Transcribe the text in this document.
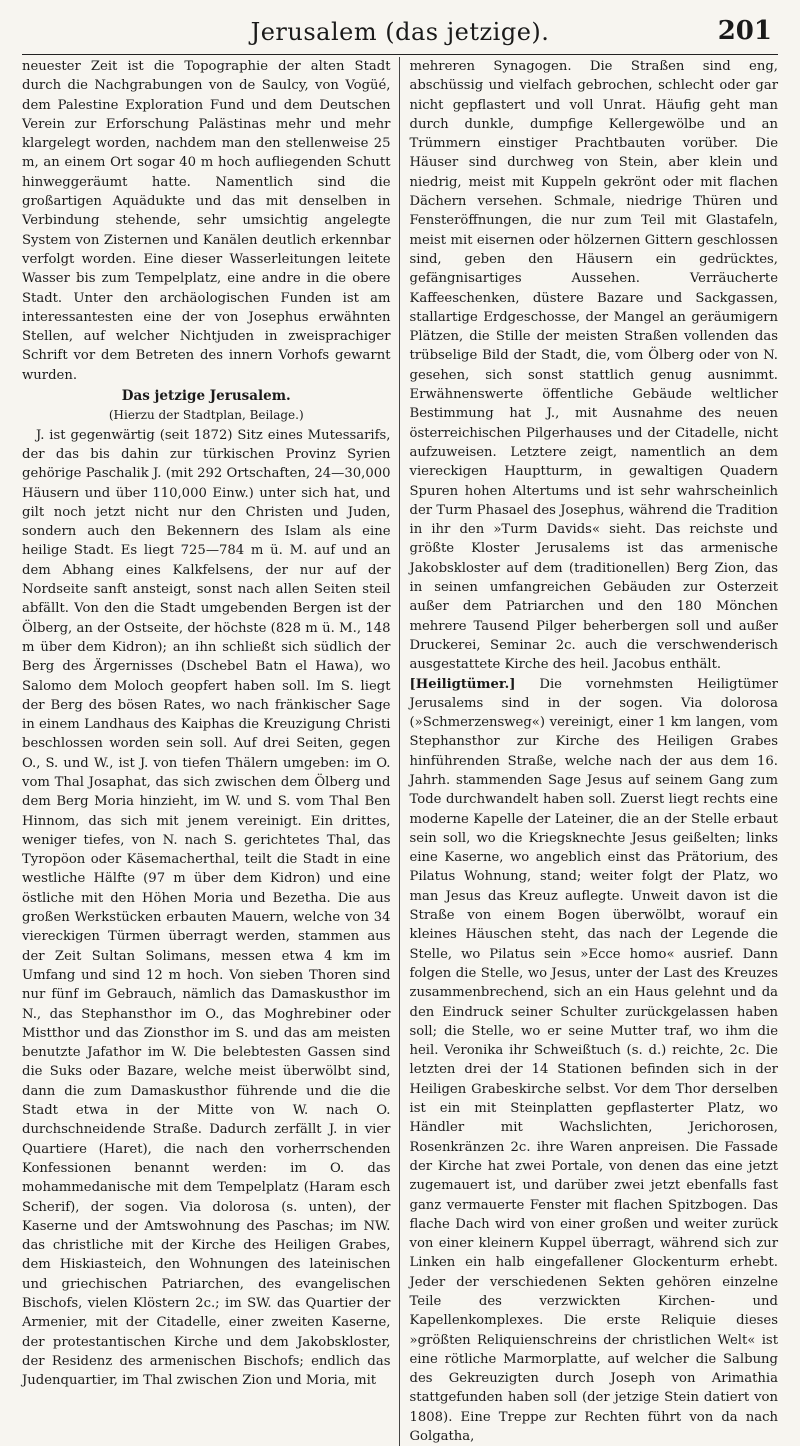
Jerusalem (das jetzige).	201

neuester Zeit ist die Topographie der alten Stadt durch die Nachgrabungen von de Saulcy, von Vogüé, dem Palestine Exploration Fund und dem Deutschen Verein zur Erforschung Palästinas mehr und mehr klargelegt worden, nachdem man den stellenweise 25 m, an einem Ort sogar 40 m hoch aufliegenden Schutt hinweggeräumt hatte. Namentlich sind die großartigen Aquädukte und das mit denselben in Verbindung stehende, sehr umsichtig angelegte System von Zisternen und Kanälen deutlich erkennbar verfolgt worden. Eine dieser Wasserleitungen leitete Wasser bis zum Tempelplatz, eine andre in die obere Stadt. Unter den archäologischen Funden ist am interessantesten eine der von Josephus erwähnten Stellen, auf welcher Nichtjuden in zweisprachiger Schrift vor dem Betreten des innern Vorhofs gewarnt wurden.

Das jetzige Jerusalem.
(Hierzu der Stadtplan, Beilage.)

J. ist gegenwärtig (seit 1872) Sitz eines Mutessarifs, der das bis dahin zur türkischen Provinz Syrien gehörige Paschalik J. (mit 292 Ortschaften, 24—30,000 Häusern und über 110,000 Einw.) unter sich hat, und gilt noch jetzt nicht nur den Christen und Juden, sondern auch den Bekennern des Islam als eine heilige Stadt. Es liegt 725—784 m ü. M. auf und an dem Abhang eines Kalkfelsens, der nur auf der Nordseite sanft ansteigt, sonst nach allen Seiten steil abfällt. Von den die Stadt umgebenden Bergen ist der Ölberg, an der Ostseite, der höchste (828 m ü. M., 148 m über dem Kidron); an ihn schließt sich südlich der Berg des Ärgernisses (Dschebel Batn el Hawa), wo Salomo dem Moloch geopfert haben soll. Im S. liegt der Berg des bösen Rates, wo nach fränkischer Sage in einem Landhaus des Kaiphas die Kreuzigung Christi beschlossen worden sein soll. Auf drei Seiten, gegen O., S. und W., ist J. von tiefen Thälern umgeben: im O. vom Thal Josaphat, das sich zwischen dem Ölberg und dem Berg Moria hinzieht, im W. und S. vom Thal Ben Hinnom, das sich mit jenem vereinigt. Ein drittes, weniger tiefes, von N. nach S. gerichtetes Thal, das Tyropöon oder Käsemacherthal, teilt die Stadt in eine westliche Hälfte (97 m über dem Kidron) und eine östliche mit den Höhen Moria und Bezetha. Die aus großen Werkstücken erbauten Mauern, welche von 34 viereckigen Türmen überragt werden, stammen aus der Zeit Sultan Solimans, messen etwa 4 km im Umfang und sind 12 m hoch. Von sieben Thoren sind nur fünf im Gebrauch, nämlich das Damaskusthor im N., das Stephansthor im O., das Moghrebiner oder Mistthor und das Zionsthor im S. und das am meisten benutzte Jafathor im W. Die belebtesten Gassen sind die Suks oder Bazare, welche meist überwölbt sind, dann die zum Damaskusthor führende und die die Stadt etwa in der Mitte von W. nach O. durchschneidende Straße. Dadurch zerfällt J. in vier Quartiere (Haret), die nach den vorherrschenden Konfessionen benannt werden: im O. das mohammedanische mit dem Tempelplatz (Haram esch Scherif), der sogen. Via dolorosa (s. unten), der Kaserne und der Amtswohnung des Paschas; im NW. das christliche mit der Kirche des Heiligen Grabes, dem Hiskiasteich, den Wohnungen des lateinischen und griechischen Patriarchen, des evangelischen Bischofs, vielen Klöstern 2c.; im SW. das Quartier der Armenier, mit der Citadelle, einer zweiten Kaserne, der protestantischen Kirche und dem Jakobskloster, der Residenz des armenischen Bischofs; endlich das Judenquartier, im Thal zwischen Zion und Moria, mit

mehreren Synagogen. Die Straßen sind eng, abschüssig und vielfach gebrochen, schlecht oder gar nicht gepflastert und voll Unrat. Häufig geht man durch dunkle, dumpfige Kellergewölbe und an Trümmern einstiger Prachtbauten vorüber. Die Häuser sind durchweg von Stein, aber klein und niedrig, meist mit Kuppeln gekrönt oder mit flachen Dächern versehen. Schmale, niedrige Thüren und Fensteröffnungen, die nur zum Teil mit Glastafeln, meist mit eisernen oder hölzernen Gittern geschlossen sind, geben den Häusern ein gedrücktes, gefängnisartiges Aussehen. Verräucherte Kaffeeschenken, düstere Bazare und Sackgassen, stallartige Erdgeschosse, der Mangel an geräumigern Plätzen, die Stille der meisten Straßen vollenden das trübselige Bild der Stadt, die, vom Ölberg oder von N. gesehen, sich sonst stattlich genug ausnimmt. Erwähnenswerte öffentliche Gebäude weltlicher Bestimmung hat J., mit Ausnahme des neuen österreichischen Pilgerhauses und der Citadelle, nicht aufzuweisen. Letztere zeigt, namentlich an dem viereckigen Hauptturm, in gewaltigen Quadern Spuren hohen Altertums und ist sehr wahrscheinlich der Turm Phasael des Josephus, während die Tradition in ihr den »Turm Davids« sieht. Das reichste und größte Kloster Jerusalems ist das armenische Jakobskloster auf dem (traditionellen) Berg Zion, das in seinen umfangreichen Gebäuden zur Osterzeit außer dem Patriarchen und den 180 Mönchen mehrere Tausend Pilger beherbergen soll und außer Druckerei, Seminar 2c. auch die verschwenderisch ausgestattete Kirche des heil. Jacobus enthält.

[Heiligtümer.] Die vornehmsten Heiligtümer Jerusalems sind in der sogen. Via dolorosa (»Schmerzensweg«) vereinigt, einer 1 km langen, vom Stephansthor zur Kirche des Heiligen Grabes hinführenden Straße, welche nach der aus dem 16. Jahrh. stammenden Sage Jesus auf seinem Gang zum Tode durchwandelt haben soll. Zuerst liegt rechts eine moderne Kapelle der Lateiner, die an der Stelle erbaut sein soll, wo die Kriegsknechte Jesus geißelten; links eine Kaserne, wo angeblich einst das Prätorium, des Pilatus Wohnung, stand; weiter folgt der Platz, wo man Jesus das Kreuz auflegte. Unweit davon ist die Straße von einem Bogen überwölbt, worauf ein kleines Häuschen steht, das nach der Legende die Stelle, wo Pilatus sein »Ecce homo« ausrief. Dann folgen die Stelle, wo Jesus, unter der Last des Kreuzes zusammenbrechend, sich an ein Haus gelehnt und da den Eindruck seiner Schulter zurückgelassen haben soll; die Stelle, wo er seine Mutter traf, wo ihm die heil. Veronika ihr Schweißtuch (s. d.) reichte, 2c. Die letzten drei der 14 Stationen befinden sich in der Heiligen Grabeskirche selbst. Vor dem Thor derselben ist ein mit Steinplatten gepflasterter Platz, wo Händler mit Wachslichten, Jerichorosen, Rosenkränzen 2c. ihre Waren anpreisen. Die Fassade der Kirche hat zwei Portale, von denen das eine jetzt zugemauert ist, und darüber zwei jetzt ebenfalls fast ganz vermauerte Fenster mit flachen Spitzbogen. Das flache Dach wird von einer großen und weiter zurück von einer kleinern Kuppel überragt, während sich zur Linken ein halb eingefallener Glockenturm erhebt. Jeder der verschiedenen Sekten gehören einzelne Teile des verzwickten Kirchen- und Kapellenkomplexes. Die erste Reliquie dieses »größten Reliquienschreins der christlichen Welt« ist eine rötliche Marmorplatte, auf welcher die Salbung des Gekreuzigten durch Joseph von Arimathia stattgefunden haben soll (der jetzige Stein datiert von 1808). Eine Treppe zur Rechten führt von da nach Golgatha,
